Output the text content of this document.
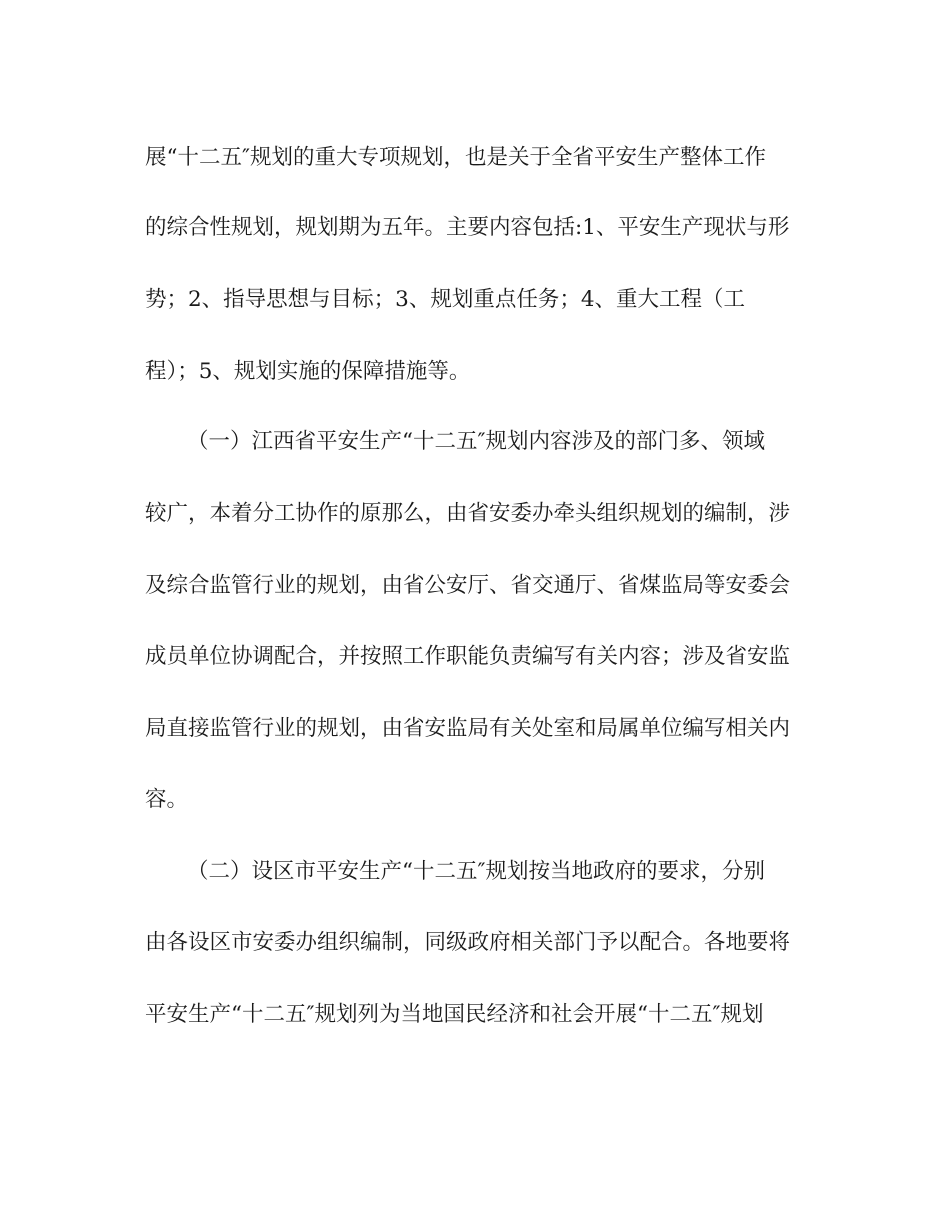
展“十二五″规划的重大专项规划，也是关于全省平安生产整体工作
的综合性规划，规划期为五年。主要内容包括:1、平安生产现状与形
势；2、指导思想与目标；3、规划重点任务；4、重大工程（工
程）；5、规划实施的保障措施等。
（一）江西省平安生产“十二五″规划内容涉及的部门多、领域
较广，本着分工协作的原那么，由省安委办牵头组织规划的编制，涉
及综合监管行业的规划，由省公安厅、省交通厅、省煤监局等安委会
成员单位协调配合，并按照工作职能负责编写有关内容；涉及省安监
局直接监管行业的规划，由省安监局有关处室和局属单位编写相关内
容。
（二）设区市平安生产“十二五″规划按当地政府的要求，分别
由各设区市安委办组织编制，同级政府相关部门予以配合。各地要将
平安生产“十二五″规划列为当地国民经济和社会开展“十二五″规划
